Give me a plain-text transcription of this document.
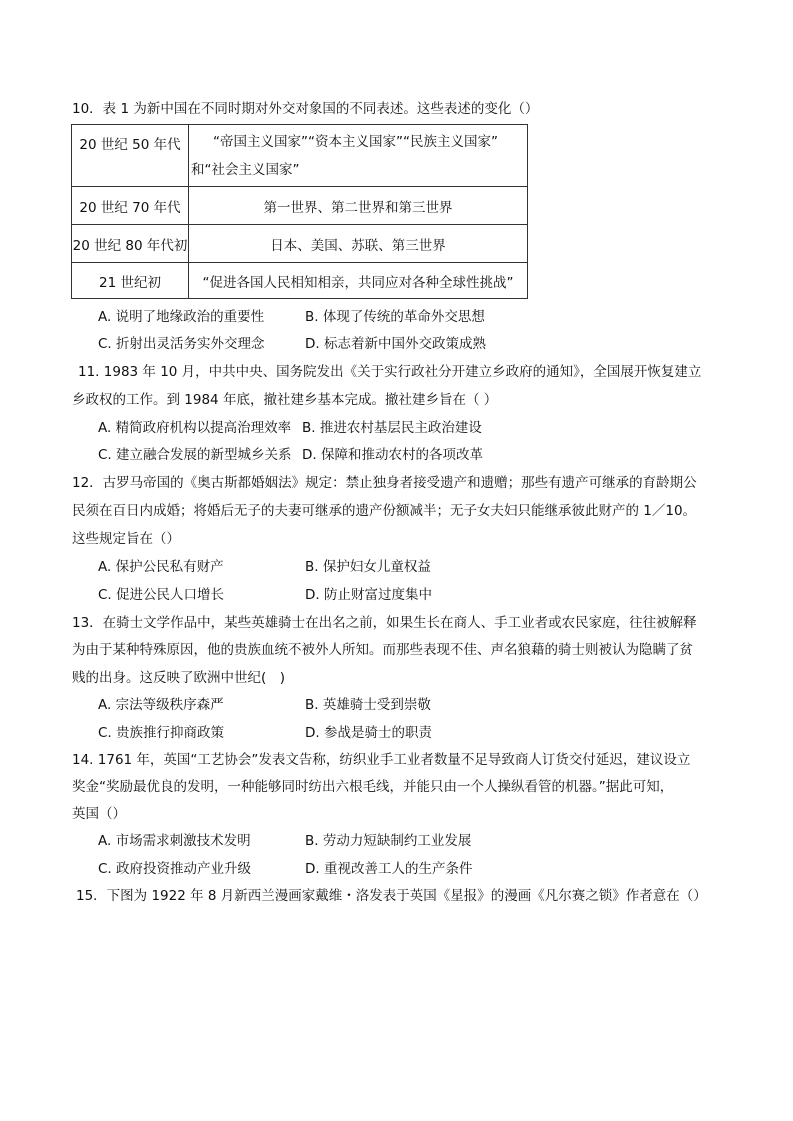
10．表 1 为新中国在不同时期对外交对象国的不同表述。这些表述的变化（）
20 世纪 50 年代	“帝国主义国家”“资本主义国家”“民族主义国家”
和“社会主义国家”

20 世纪 70 年代	第一世界、第二世界和第三世界
20 世纪 80 年代初	日本、美国、苏联、第三世界
21 世纪初	“促进各国人民相知相亲，共同应对各种全球性挑战”
A. 说明了地缘政治的重要性	B. 体现了传统的革命外交思想
C. 折射出灵活务实外交理念	D. 标志着新中国外交政策成熟
11. 1983 年 10 月，中共中央、国务院发出《关于实行政社分开建立乡政府的通知》，全国展开恢复建立
乡政权的工作。到 1984 年底，撤社建乡基本完成。撤社建乡旨在（ ）
A. 精简政府机构以提高治理效率 B. 推进农村基层民主政治建设
C. 建立融合发展的新型城乡关系 D. 保障和推动农村的各项改革
12．古罗马帝国的《奥古斯都婚姻法》规定：禁止独身者接受遗产和遗赠；那些有遗产可继承的育龄期公
民须在百日内成婚；将婚后无子的夫妻可继承的遗产份额减半；无子女夫妇只能继承彼此财产的 1／10。
这些规定旨在（）
A. 保护公民私有财产	B. 保护妇女儿童权益
C. 促进公民人口增长	D. 防止财富过度集中
13．在骑士文学作品中，某些英雄骑士在出名之前，如果生长在商人、手工业者或农民家庭，往往被解释
为由于某种特殊原因，他的贵族血统不被外人所知。而那些表现不佳、声名狼藉的骑士则被认为隐瞒了贫
贱的出身。这反映了欧洲中世纪(　)
A. 宗法等级秩序森严	B. 英雄骑士受到崇敬
C. 贵族推行抑商政策	D. 参战是骑士的职责
14. 1761 年，英国“工艺协会”发表文告称，纺织业手工业者数量不足导致商人订货交付延迟，建议设立
奖金“奖励最优良的发明，一种能够同时纺出六根毛线，并能只由一个人操纵看管的机器。”据此可知，
英国（）
A. 市场需求刺激技术发明	B. 劳动力短缺制约工业发展
C. 政府投资推动产业升级	D. 重视改善工人的生产条件
15．下图为 1922 年 8 月新西兰漫画家戴维・洛发表于英国《星报》的漫画《凡尔赛之锁》作者意在（）
